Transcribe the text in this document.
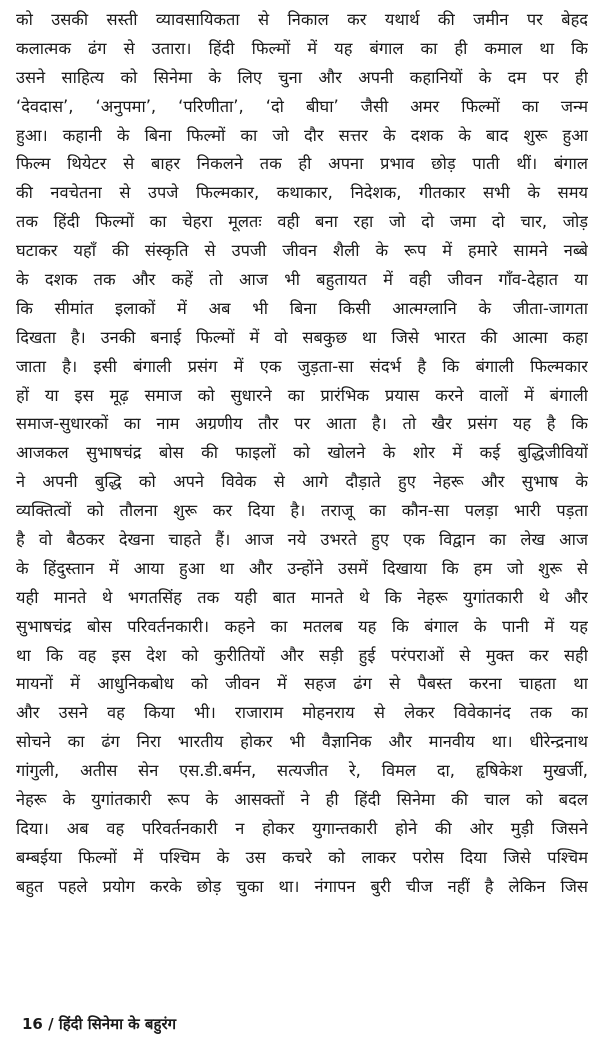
को उसकी सस्ती व्यावसायिकता से निकाल कर यथार्थ की जमीन पर बेहद
कलात्मक ढंग से उतारा। हिंदी फिल्मों में यह बंगाल का ही कमाल था कि
उसने साहित्य को सिनेमा के लिए चुना और अपनी कहानियों के दम पर ही
‘देवदास’, ‘अनुपमा’, ‘परिणीता’, ‘दो बीघा’ जैसी अमर फिल्मों का जन्म
हुआ। कहानी के बिना फिल्मों का जो दौर सत्तर के दशक के बाद शुरू हुआ
फिल्म थियेटर से बाहर निकलने तक ही अपना प्रभाव छोड़ पाती थीं। बंगाल
की नवचेतना से उपजे फिल्मकार, कथाकार, निदेशक, गीतकार सभी के समय
तक हिंदी फिल्मों का चेहरा मूलतः वही बना रहा जो दो जमा दो चार, जोड़
घटाकर यहाँ की संस्कृति से उपजी जीवन शैली के रूप में हमारे सामने नब्बे
के दशक तक और कहें तो आज भी बहुतायत में वही जीवन गाँव-देहात या
कि सीमांत इलाकों में अब भी बिना किसी आत्मग्लानि के जीता-जागता
दिखता है। उनकी बनाई फिल्मों में वो सबकुछ था जिसे भारत की आत्मा कहा
जाता है। इसी बंगाली प्रसंग में एक जुड़ता-सा संदर्भ है कि बंगाली फिल्मकार
हों या इस मूढ़ समाज को सुधारने का प्रारंभिक प्रयास करने वालों में बंगाली
समाज-सुधारकों का नाम अग्रणीय तौर पर आता है। तो खैर प्रसंग यह है कि
आजकल सुभाषचंद्र बोस की फाइलों को खोलने के शोर में कई बुद्धिजीवियों
ने अपनी बुद्धि को अपने विवेक से आगे दौड़ाते हुए नेहरू और सुभाष के
व्यक्तित्वों को तौलना शुरू कर दिया है। तराजू का कौन-सा पलड़ा भारी पड़ता
है वो बैठकर देखना चाहते हैं। आज नये उभरते हुए एक विद्वान का लेख आज
के हिंदुस्तान में आया हुआ था और उन्होंने उसमें दिखाया कि हम जो शुरू से
यही मानते थे भगतसिंह तक यही बात मानते थे कि नेहरू युगांतकारी थे और
सुभाषचंद्र बोस परिवर्तनकारी। कहने का मतलब यह कि बंगाल के पानी में यह
था कि वह इस देश को कुरीतियों और सड़ी हुई परंपराओं से मुक्त कर सही
मायनों में आधुनिकबोध को जीवन में सहज ढंग से पैबस्त करना चाहता था
और उसने वह किया भी। राजाराम मोहनराय से लेकर विवेकानंद तक का
सोचने का ढंग निरा भारतीय होकर भी वैज्ञानिक और मानवीय था। धीरेन्द्रनाथ
गांगुली, अतीस सेन एस.डी.बर्मन, सत्यजीत रे, विमल दा, हृषिकेश मुखर्जी,
नेहरू के युगांतकारी रूप के आसक्तों ने ही हिंदी सिनेमा की चाल को बदल
दिया। अब वह परिवर्तनकारी न होकर युगान्तकारी होने की ओर मुड़ी जिसने
बम्बईया फिल्मों में पश्चिम के उस कचरे को लाकर परोस दिया जिसे पश्चिम
बहुत पहले प्रयोग करके छोड़ चुका था। नंगापन बुरी चीज नहीं है लेकिन जिस
16 / हिंदी सिनेमा के बहुरंग
